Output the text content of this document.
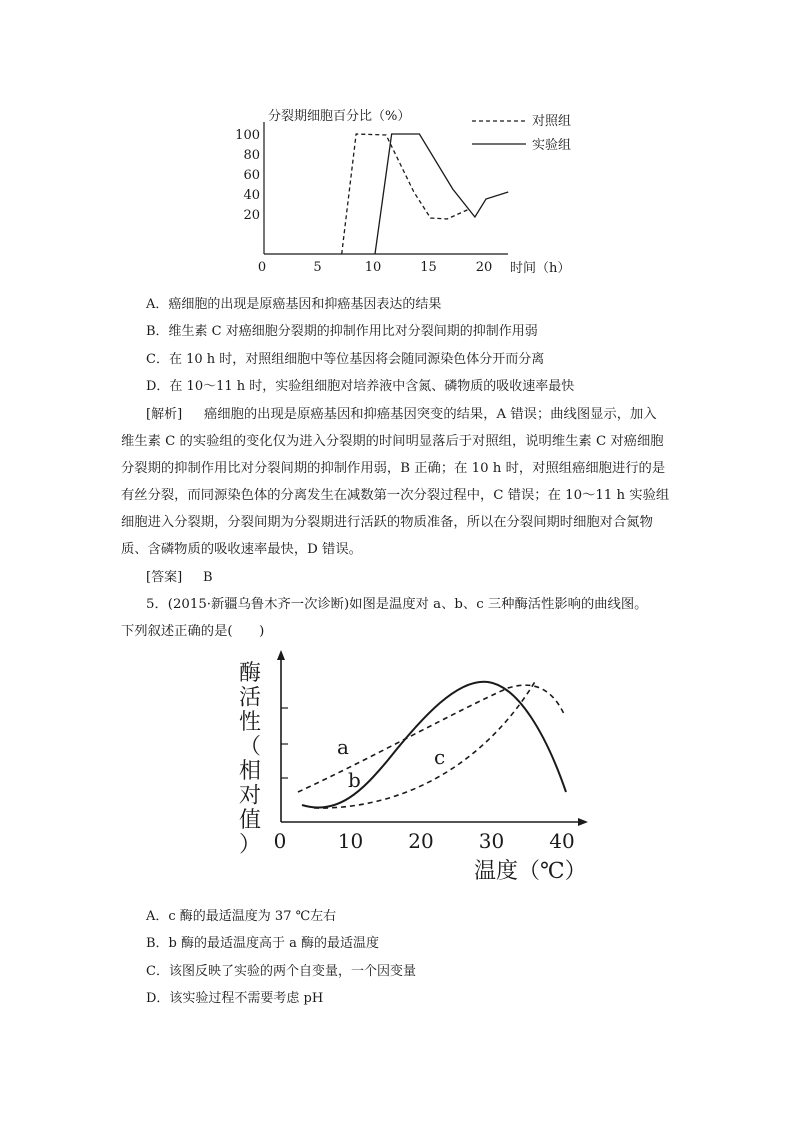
分裂期细胞百分比（%）
100
80
60
40
20
0	5	10	15	20 时间（h）
对照组
实验组
A．癌细胞的出现是原癌基因和抑癌基因表达的结果
B．维生素 C 对癌细胞分裂期的抑制作用比对分裂间期的抑制作用弱
C．在 10 h 时，对照组细胞中等位基因将会随同源染色体分开而分离
D．在 10～11 h 时，实验组细胞对培养液中含氮、磷物质的吸收速率最快
[解析] 癌细胞的出现是原癌基因和抑癌基因突变的结果，A 错误；曲线图显示，加入
维生素 C 的实验组的变化仅为进入分裂期的时间明显落后于对照组，说明维生素 C 对癌细胞
分裂期的抑制作用比对分裂间期的抑制作用弱，B 正确；在 10 h 时，对照组癌细胞进行的是
有丝分裂，而同源染色体的分离发生在减数第一次分裂过程中，C 错误；在 10～11 h 实验组
细胞进入分裂期，分裂间期为分裂期进行活跃的物质准备，所以在分裂间期时细胞对合氮物
质、含磷物质的吸收速率最快，D 错误。
[答案] B
5．(2015·新疆乌鲁木齐一次诊断)如图是温度对 a、b、c 三种酶活性影响的曲线图。
下列叙述正确的是(　　)
酶
活
性
（
相
对
值
） 0	10 20 30 40
a
b
c
温度（℃）
A．c 酶的最适温度为 37 ℃左右
B．b 酶的最适温度高于 a 酶的最适温度
C．该图反映了实验的两个自变量，一个因变量
D．该实验过程不需要考虑 pH
